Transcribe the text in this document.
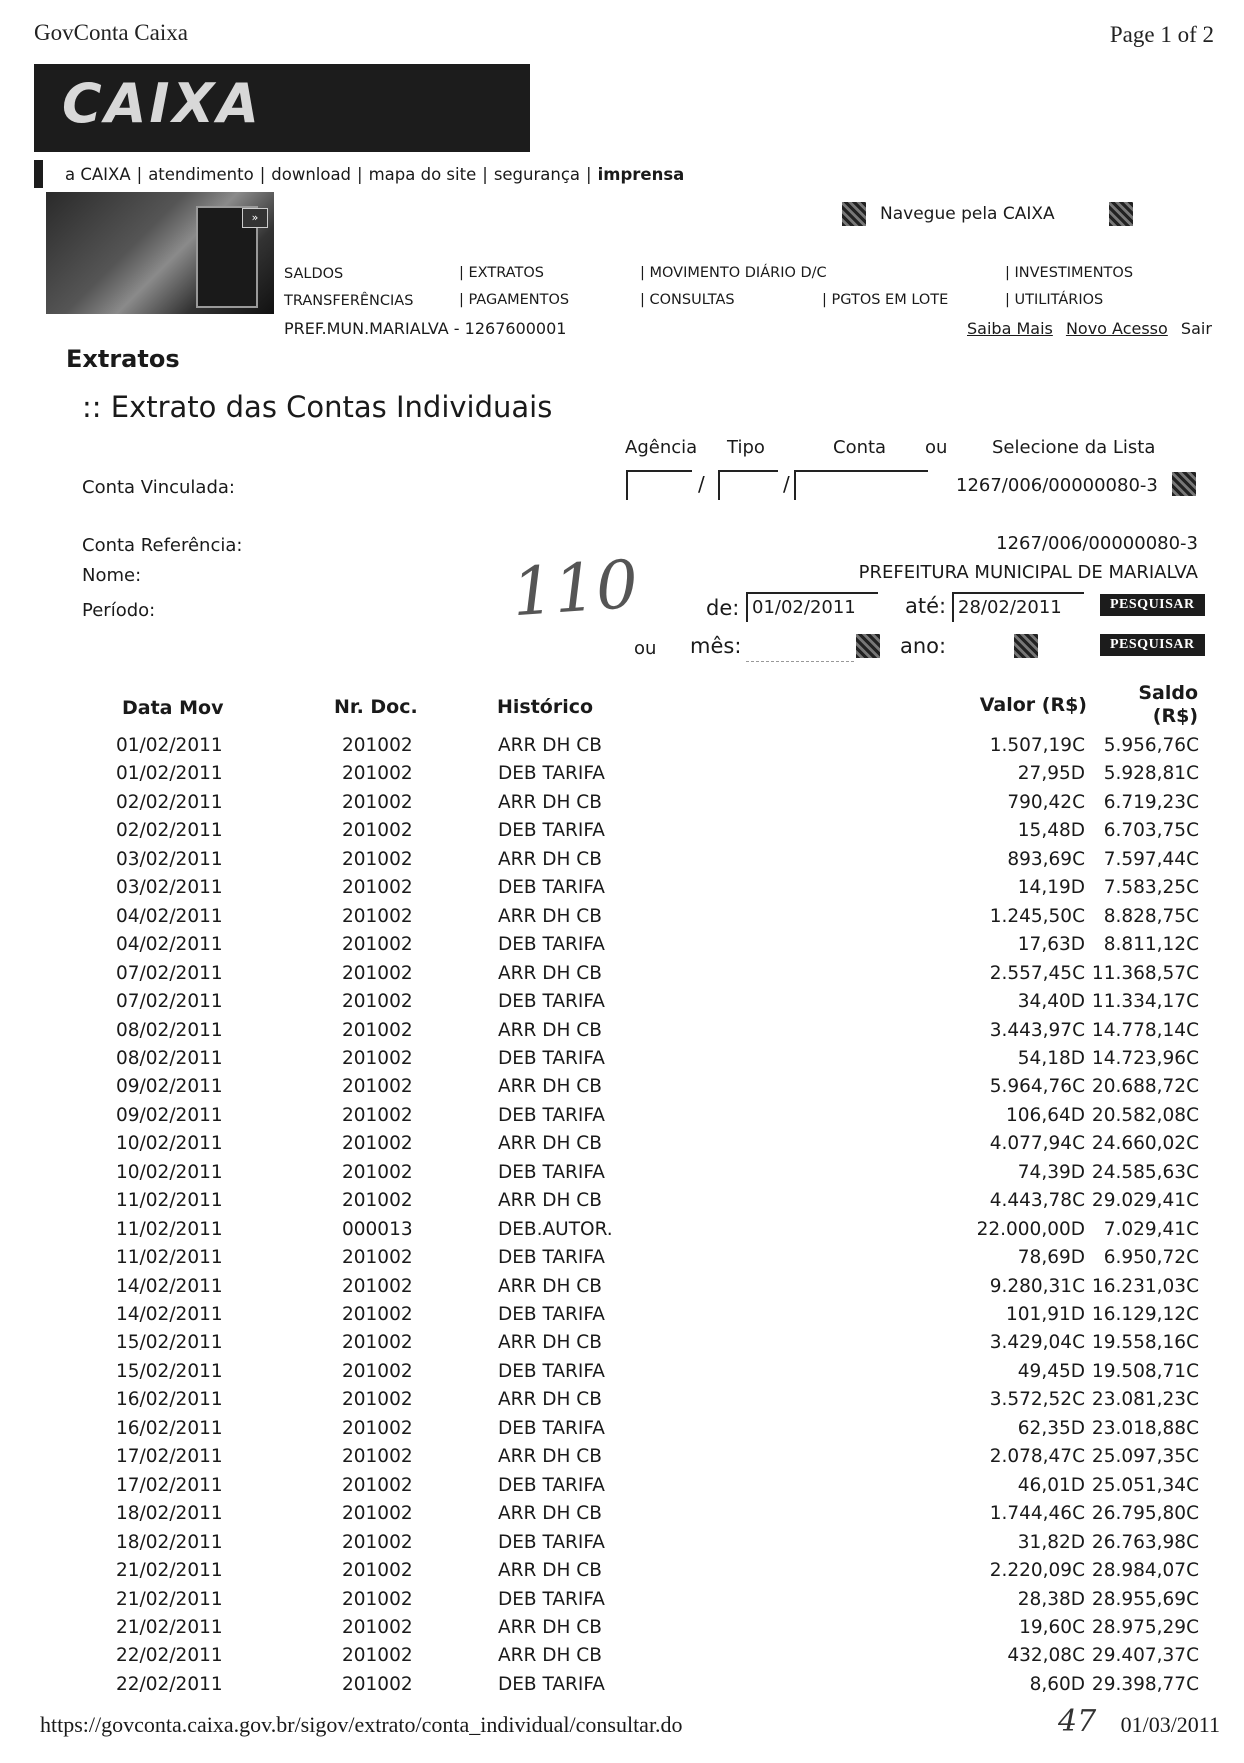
GovConta Caixa	Page 1 of 2
CAIXA
a CAIXA | atendimento | download | mapa do site | segurança | imprensa
»	Navegue pela CAIXA
SALDOS	| EXTRATOS	| MOVIMENTO DIÁRIO D/C	| INVESTIMENTOS
TRANSFERÊNCIAS	| PAGAMENTOS	| CONSULTAS	| PGTOS EM LOTE	| UTILITÁRIOS
PREF.MUN.MARIALVA - 1267600001	Saiba Mais Novo Acesso Sair
Extratos
:: Extrato das Contas Individuais
Agência Tipo	Conta ou Selecione da Lista
Conta Vinculada:	/	/	1267/006/00000080-3
Conta Referência:	1267/006/00000080-3
Nome:	PREFEITURA MUNICIPAL DE MARIALVA
Período:	110	de: 01/02/2011	até: 28/02/2011	PESQUISAR
ou mês:	ano:	PESQUISAR
Data Mov	Nr. Doc.	Histórico	Valor (R$)
Saldo
(R$)
01/02/2011	201002	ARR DH CB	1.507,19C 5.956,76C
01/02/2011	201002	DEB TARIFA	27,95D 5.928,81C
02/02/2011	201002	ARR DH CB	790,42C 6.719,23C
02/02/2011	201002	DEB TARIFA	15,48D 6.703,75C
03/02/2011	201002	ARR DH CB	893,69C 7.597,44C
03/02/2011	201002	DEB TARIFA	14,19D 7.583,25C
04/02/2011	201002	ARR DH CB	1.245,50C 8.828,75C
04/02/2011	201002	DEB TARIFA	17,63D 8.811,12C
07/02/2011	201002	ARR DH CB	2.557,45C 11.368,57C
07/02/2011	201002	DEB TARIFA	34,40D 11.334,17C
08/02/2011	201002	ARR DH CB	3.443,97C 14.778,14C
08/02/2011	201002	DEB TARIFA	54,18D 14.723,96C
09/02/2011	201002	ARR DH CB	5.964,76C 20.688,72C
09/02/2011	201002	DEB TARIFA	106,64D 20.582,08C
10/02/2011	201002	ARR DH CB	4.077,94C 24.660,02C
10/02/2011	201002	DEB TARIFA	74,39D 24.585,63C
11/02/2011	201002	ARR DH CB	4.443,78C 29.029,41C
11/02/2011	000013	DEB.AUTOR.	22.000,00D 7.029,41C
11/02/2011	201002	DEB TARIFA	78,69D 6.950,72C
14/02/2011	201002	ARR DH CB	9.280,31C 16.231,03C
14/02/2011	201002	DEB TARIFA	101,91D 16.129,12C
15/02/2011	201002	ARR DH CB	3.429,04C 19.558,16C
15/02/2011	201002	DEB TARIFA	49,45D 19.508,71C
16/02/2011	201002	ARR DH CB	3.572,52C 23.081,23C
16/02/2011	201002	DEB TARIFA	62,35D 23.018,88C
17/02/2011	201002	ARR DH CB	2.078,47C 25.097,35C
17/02/2011	201002	DEB TARIFA	46,01D 25.051,34C
18/02/2011	201002	ARR DH CB	1.744,46C 26.795,80C
18/02/2011	201002	DEB TARIFA	31,82D 26.763,98C
21/02/2011	201002	ARR DH CB	2.220,09C 28.984,07C
21/02/2011	201002	DEB TARIFA	28,38D 28.955,69C
21/02/2011	201002	ARR DH CB	19,60C 28.975,29C
22/02/2011	201002	ARR DH CB	432,08C 29.407,37C
22/02/2011	201002	DEB TARIFA	8,60D 29.398,77C
https://govconta.caixa.gov.br/sigov/extrato/conta_individual/consultar.do	47 01/03/2011
